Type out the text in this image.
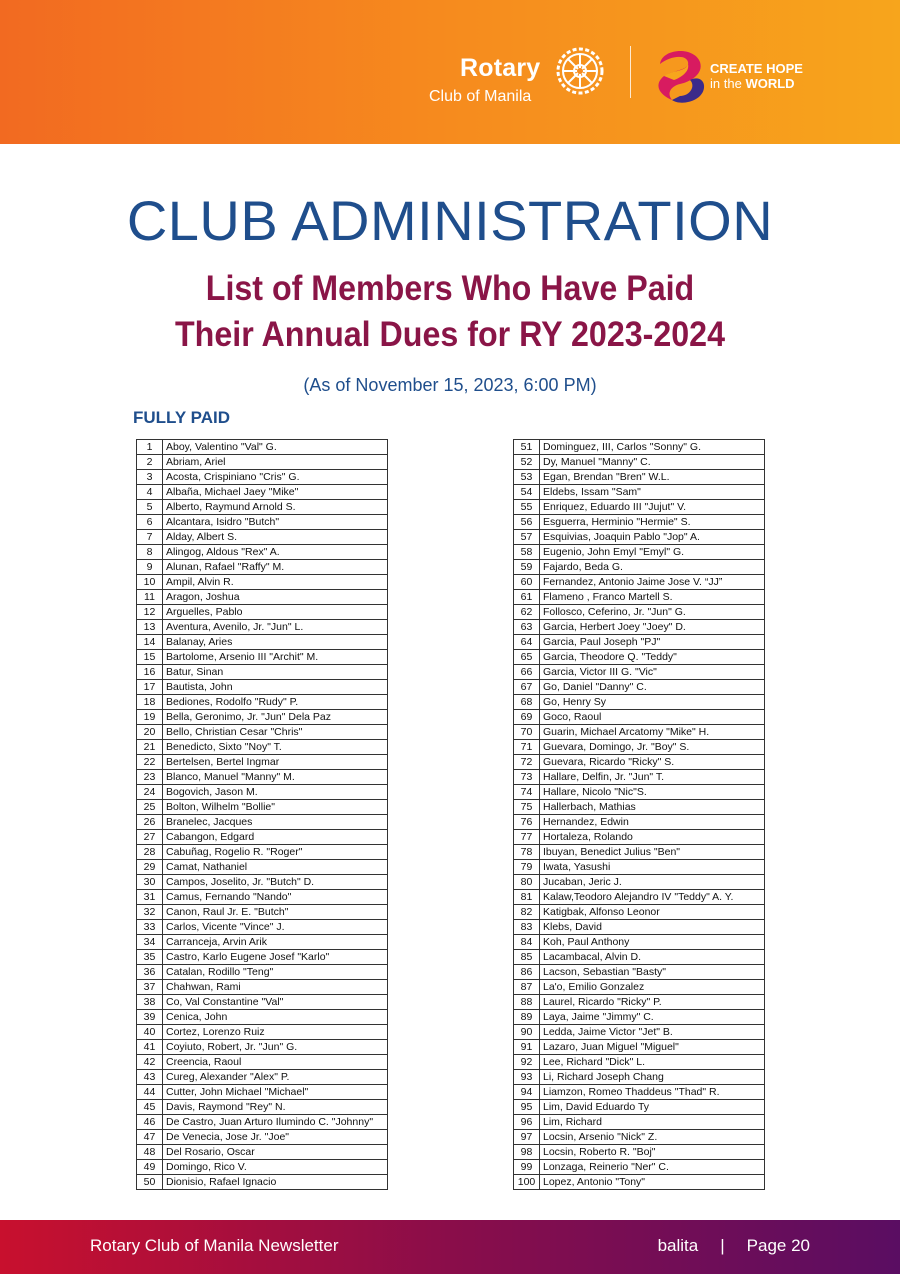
Rotary
Club of Manila
CREATE HOPE
in the WORLD
CLUB ADMINISTRATION
List of Members Who Have Paid
Their Annual Dues for RY 2023-2024
(As of November 15, 2023, 6:00 PM)
FULLY PAID
1	Aboy, Valentino "Val" G.
2	Abriam, Ariel
3	Acosta, Crispiniano "Cris" G.
4	Albaña, Michael Jaey "Mike"
5	Alberto, Raymund Arnold S.
6	Alcantara, Isidro "Butch"
7	Alday, Albert S.
8	Alingog, Aldous "Rex" A.
9	Alunan, Rafael "Raffy" M.
10	Ampil, Alvin R.
11	Aragon, Joshua
12	Arguelles, Pablo
13	Aventura, Avenilo, Jr. "Jun" L.
14	Balanay, Aries
15	Bartolome, Arsenio III "Archit" M.
16	Batur, Sinan
17	Bautista, John
18	Bediones, Rodolfo "Rudy" P.
19	Bella, Geronimo, Jr. "Jun" Dela Paz
20	Bello, Christian Cesar "Chris"
21	Benedicto, Sixto "Noy" T.
22	Bertelsen, Bertel Ingmar
23	Blanco, Manuel "Manny" M.
24	Bogovich, Jason M.
25	Bolton, Wilhelm "Bollie"
26	Branelec, Jacques
27	Cabangon, Edgard
28	Cabuñag, Rogelio R. "Roger"
29	Camat, Nathaniel
30	Campos, Joselito, Jr. "Butch" D.
31	Camus, Fernando "Nando"
32	Canon, Raul Jr. E. "Butch"
33	Carlos, Vicente "Vince" J.
34	Carranceja, Arvin Arik
35	Castro, Karlo Eugene Josef "Karlo"
36	Catalan, Rodillo "Teng"
37	Chahwan, Rami
38	Co, Val Constantine "Val"
39	Cenica, John
40	Cortez, Lorenzo Ruiz
41	Coyiuto, Robert, Jr. "Jun" G.
42	Creencia, Raoul
43	Cureg, Alexander "Alex" P.
44	Cutter, John Michael "Michael"
45	Davis, Raymond "Rey" N.
46	De Castro, Juan Arturo Ilumindo C. "Johnny"
47	De Venecia, Jose Jr. "Joe"
48	Del Rosario, Oscar
49	Domingo, Rico V.
50	Dionisio, Rafael Ignacio
51	Dominguez, III, Carlos "Sonny" G.
52	Dy, Manuel "Manny" C.
53	Egan, Brendan "Bren" W.L.
54	Eldebs, Issam "Sam"
55	Enriquez, Eduardo III "Jujut" V.
56	Esguerra, Herminio "Hermie" S.
57	Esquivias, Joaquin Pablo "Jop" A.
58	Eugenio, John Emyl "Emyl" G.
59	Fajardo, Beda G.
60	Fernandez, Antonio Jaime Jose V. “JJ”
61	Flameno , Franco Martell S.
62	Follosco, Ceferino, Jr. "Jun" G.
63	Garcia, Herbert Joey "Joey" D.
64	Garcia, Paul Joseph "PJ"
65	Garcia, Theodore Q. "Teddy"
66	Garcia, Victor III G. "Vic"
67	Go, Daniel "Danny" C.
68	Go, Henry Sy
69	Goco, Raoul
70	Guarin, Michael Arcatomy "Mike" H.
71	Guevara, Domingo, Jr. "Boy" S.
72	Guevara, Ricardo "Ricky" S.
73	Hallare, Delfin, Jr. "Jun" T.
74	Hallare, Nicolo "Nic"S.
75	Hallerbach, Mathias
76	Hernandez, Edwin
77	Hortaleza, Rolando
78	Ibuyan, Benedict Julius "Ben"
79	Iwata, Yasushi
80	Jucaban, Jeric J.
81	Kalaw,Teodoro Alejandro IV "Teddy" A. Y.
82	Katigbak, Alfonso Leonor
83	Klebs, David
84	Koh, Paul Anthony
85	Lacambacal, Alvin D.
86	Lacson, Sebastian "Basty"
87	La'o, Emilio Gonzalez
88	Laurel, Ricardo "Ricky" P.
89	Laya, Jaime "Jimmy" C.
90	Ledda, Jaime Victor "Jet" B.
91	Lazaro, Juan Miguel "Miguel"
92	Lee, Richard "Dick" L.
93	Li, Richard Joseph Chang
94	Liamzon, Romeo Thaddeus "Thad" R.
95	Lim, David Eduardo Ty
96	Lim, Richard
97	Locsin, Arsenio "Nick" Z.
98	Locsin, Roberto R. "Boj"
99	Lonzaga, Reinerio "Ner" C.
100	Lopez, Antonio "Tony"
Rotary Club of Manila Newsletter	balita | Page 20
